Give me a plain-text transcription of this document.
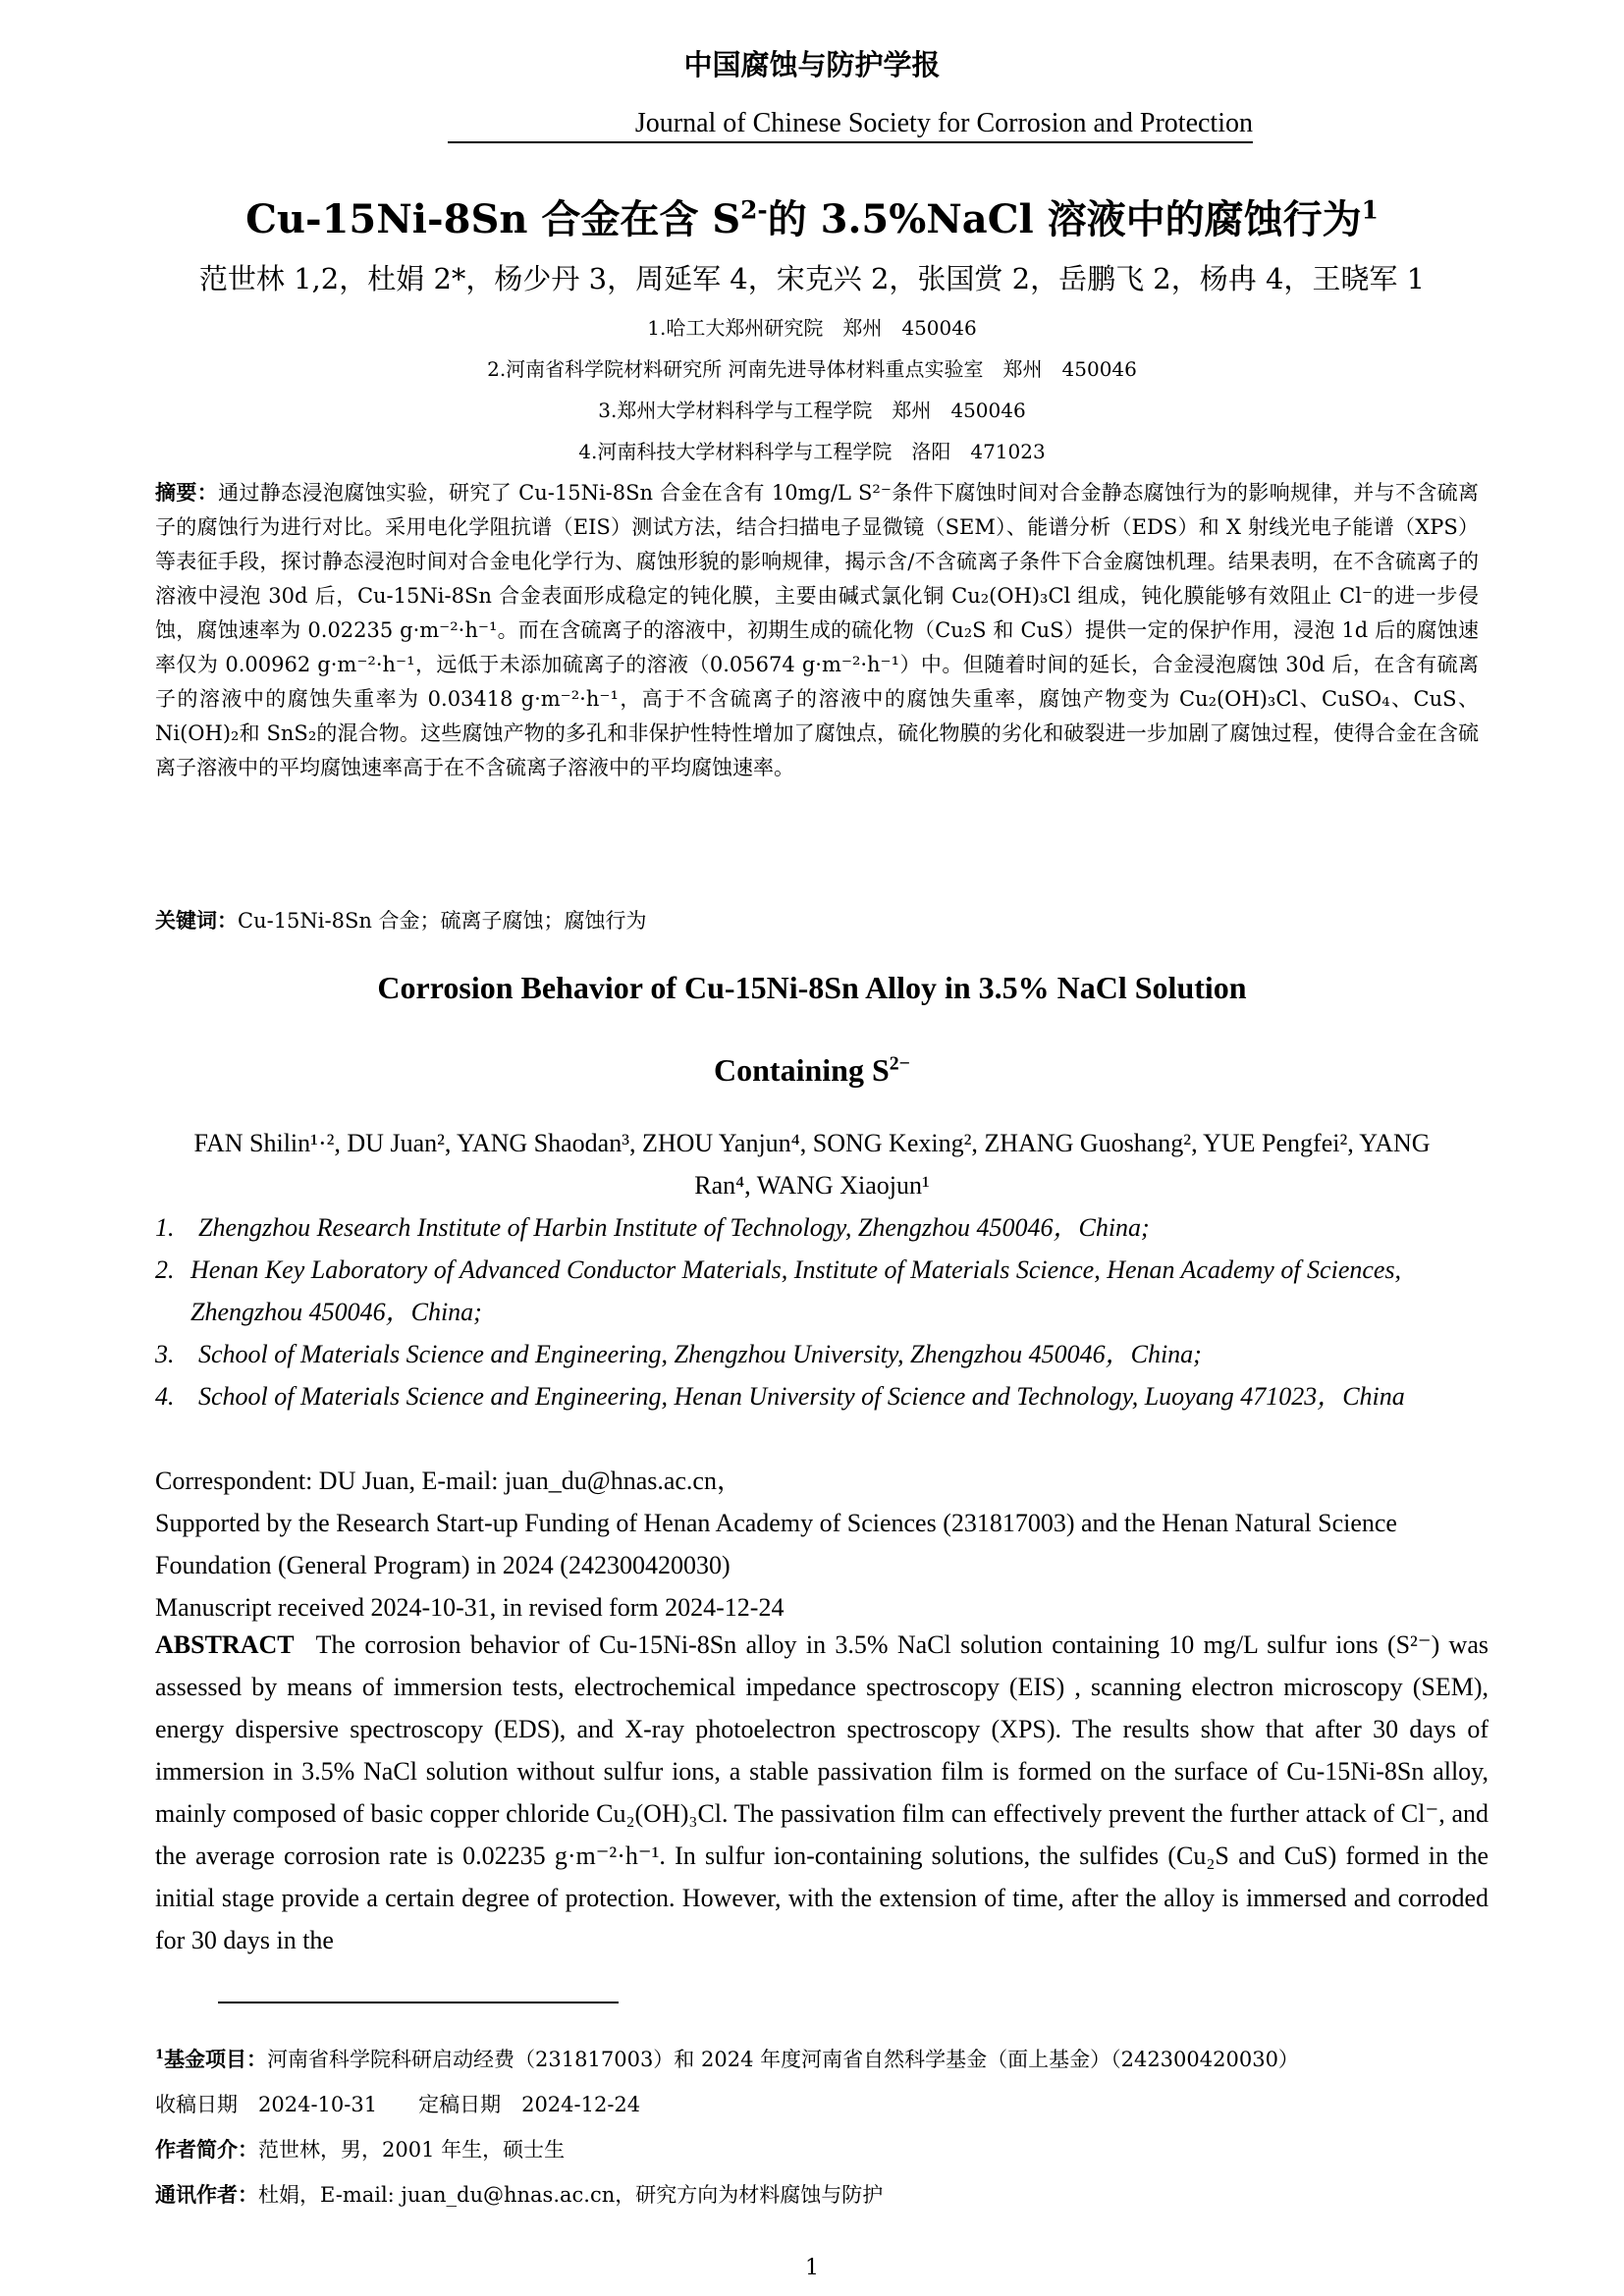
中国腐蚀与防护学报
Journal of Chinese Society for Corrosion and Protection
Cu-15Ni-8Sn 合金在含 $S^{2-}$的 3.5%NaCl 溶液中的腐蚀行为$^1$
范世林 1,2，杜娟 2*，杨少丹 3，周延军 4，宋克兴 2，张国赏 2，岳鹏飞 2，杨冉 4，王晓军 1
1.哈工大郑州研究院　郑州　450046
2.河南省科学院材料研究所 河南先进导体材料重点实验室　郑州　450046
3.郑州大学材料科学与工程学院　郑州　450046
4.河南科技大学材料科学与工程学院　洛阳　471023
摘要：通过静态浸泡腐蚀实验，研究了 Cu-15Ni-8Sn 合金在含有 10mg/L S²⁻条件下腐蚀时间对合金静态腐蚀行为的影响规律，并与不含硫离子的腐蚀行为进行对比。采用电化学阻抗谱（EIS）测试方法，结合扫描电子显微镜（SEM）、能谱分析（EDS）和 X 射线光电子能谱（XPS）等表征手段，探讨静态浸泡时间对合金电化学行为、腐蚀形貌的影响规律，揭示含/不含硫离子条件下合金腐蚀机理。结果表明，在不含硫离子的溶液中浸泡 30d 后，Cu-15Ni-8Sn 合金表面形成稳定的钝化膜，主要由碱式氯化铜 Cu₂(OH)₃Cl 组成，钝化膜能够有效阻止 Cl⁻的进一步侵蚀，腐蚀速率为 0.02235 g·m⁻²·h⁻¹。而在含硫离子的溶液中，初期生成的硫化物（Cu₂S 和 CuS）提供一定的保护作用，浸泡 1d 后的腐蚀速率仅为 0.00962 g·m⁻²·h⁻¹，远低于未添加硫离子的溶液（0.05674 g·m⁻²·h⁻¹）中。但随着时间的延长，合金浸泡腐蚀 30d 后，在含有硫离子的溶液中的腐蚀失重率为 0.03418 g·m⁻²·h⁻¹，高于不含硫离子的溶液中的腐蚀失重率，腐蚀产物变为 Cu₂(OH)₃Cl、CuSO₄、CuS、Ni(OH)₂和 SnS₂的混合物。这些腐蚀产物的多孔和非保护性特性增加了腐蚀点，硫化物膜的劣化和破裂进一步加剧了腐蚀过程，使得合金在含硫离子溶液中的平均腐蚀速率高于在不含硫离子溶液中的平均腐蚀速率。
关键词：Cu-15Ni-8Sn 合金；硫离子腐蚀；腐蚀行为
Corrosion Behavior of Cu-15Ni-8Sn Alloy in 3.5% NaCl Solution
Containing $S^{2-}$
FAN Shilin¹·², DU Juan², YANG Shaodan³, ZHOU Yanjun⁴, SONG Kexing², ZHANG Guoshang², YUE Pengfei², YANG Ran⁴, WANG Xiaojun¹
1. Zhengzhou Research Institute of Harbin Institute of Technology, Zhengzhou 450046，China;
2. Henan Key Laboratory of Advanced Conductor Materials, Institute of Materials Science, Henan Academy of Sciences, Zhengzhou 450046，China;
3. School of Materials Science and Engineering, Zhengzhou University, Zhengzhou 450046，China;
4. School of Materials Science and Engineering, Henan University of Science and Technology, Luoyang 471023，China
Correspondent: DU Juan, E-mail: juan_du@hnas.ac.cn，
Supported by the Research Start-up Funding of Henan Academy of Sciences (231817003) and the Henan Natural Science Foundation (General Program) in 2024 (242300420030)
Manuscript received 2024-10-31, in revised form 2024-12-24
ABSTRACT The corrosion behavior of Cu-15Ni-8Sn alloy in 3.5% NaCl solution containing 10 mg/L sulfur ions (S²⁻) was assessed by means of immersion tests, electrochemical impedance spectroscopy (EIS) , scanning electron microscopy (SEM), energy dispersive spectroscopy (EDS), and X-ray photoelectron spectroscopy (XPS). The results show that after 30 days of immersion in 3.5% NaCl solution without sulfur ions, a stable passivation film is formed on the surface of Cu-15Ni-8Sn alloy, mainly composed of basic copper chloride Cu₂(OH)₃Cl. The passivation film can effectively prevent the further attack of Cl⁻, and the average corrosion rate is 0.02235 g·m⁻²·h⁻¹. In sulfur ion-containing solutions, the sulfides (Cu₂S and CuS) formed in the initial stage provide a certain degree of protection. However, with the extension of time, after the alloy is immersed and corroded for 30 days in the
$^1$基金项目：河南省科学院科研启动经费（231817003）和 2024 年度河南省自然科学基金（面上基金）（242300420030）
收稿日期　2024-10-31　　定稿日期　2024-12-24
作者简介：范世林，男，2001 年生，硕士生
通讯作者：杜娟，E-mail: juan_du@hnas.ac.cn，研究方向为材料腐蚀与防护
1
